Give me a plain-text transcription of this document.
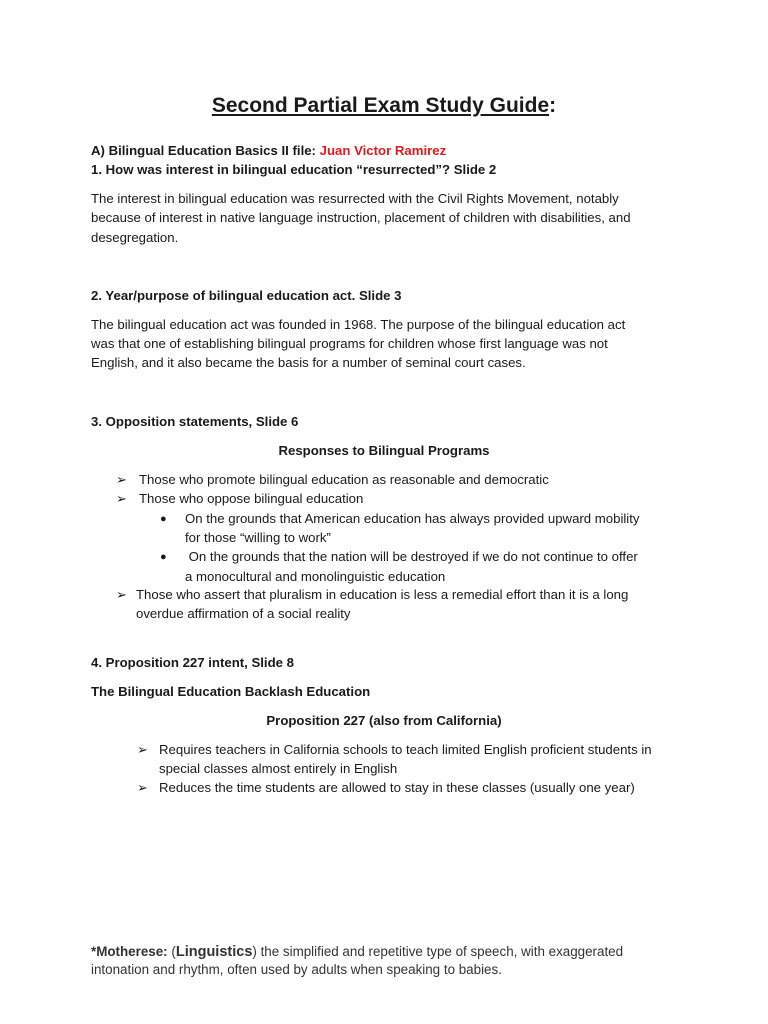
Second Partial Exam Study Guide:
A) Bilingual Education Basics II file: Juan Victor Ramirez
1. How was interest in bilingual education “resurrected”? Slide 2
The interest in bilingual education was resurrected with the Civil Rights Movement, notably
because of interest in native language instruction, placement of children with disabilities, and
desegregation.
2. Year/purpose of bilingual education act. Slide 3
The bilingual education act was founded in 1968. The purpose of the bilingual education act
was that one of establishing bilingual programs for children whose first language was not
English, and it also became the basis for a number of seminal court cases.
3. Opposition statements, Slide 6
Responses to Bilingual Programs
➢ Those who promote bilingual education as reasonable and democratic
➢ Those who oppose bilingual education
● On the grounds that American education has always provided upward mobility
for those “willing to work”
● On the grounds that the nation will be destroyed if we do not continue to offer
a monocultural and monolinguistic education
➢ Those who assert that pluralism in education is less a remedial effort than it is a long
overdue affirmation of a social reality
4. Proposition 227 intent, Slide 8
The Bilingual Education Backlash Education
Proposition 227 (also from California)
➢ Requires teachers in California schools to teach limited English proficient students in
special classes almost entirely in English
➢ Reduces the time students are allowed to stay in these classes (usually one year)
*Motherese: (Linguistics) the simplified and repetitive type of speech, with exaggerated
intonation and rhythm, often used by adults when speaking to babies.
